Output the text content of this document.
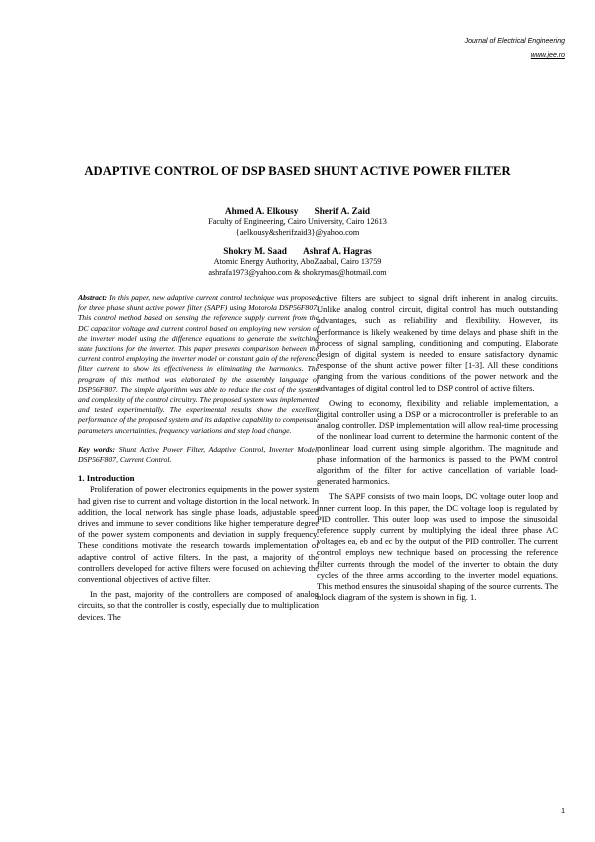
Journal of Electrical Engineering
www.jee.ro
ADAPTIVE CONTROL OF DSP BASED SHUNT ACTIVE POWER FILTER
Ahmed A. Elkousy Sherif A. Zaid
Faculty of Engineering, Cairo University, Cairo 12613
{aelkousy&sherifzaid3}@yahoo.com
Shokry M. Saad Ashraf A. Hagras
Atomic Energy Authority, AboZaabal, Cairo 13759
ashrafa1973@yahoo.com & shokrymas@hotmail.com

Abstract: In this paper, new adaptive current control technique was proposed for three phase shunt active power filter (SAPF) using Motorola DSP56F807. This control method based on sensing the reference supply current from the DC capacitor voltage and current control based on employing new version of the inverter model using the difference equations to generate the switching state functions for the inverter. This paper presents comparison between the current control employing the inverter model or constant gain of the reference filter current to show its effectiveness in eliminating the harmonics. The program of this method was elaborated by the assembly language of DSP56F807. The simple algorithm was able to reduce the cost of the system and complexity of the control circuitry. The proposed system was implemented and tested experimentally. The experimental results show the excellent performance of the proposed system and its adaptive capability to compensate parameters uncertainties, frequency variations and step load change.

Key words: Shunt Active Power Filter, Adaptive Control, Inverter Model, DSP56F807, Current Control.

1. Introduction

Proliferation of power electronics equipments in the power system had given rise to current and voltage distortion in the local network. In addition, the local network has single phase loads, adjustable speed drives and immune to sever conditions like higher temperature degree of the power system components and deviation in supply frequency. These conditions motivate the research towards implementation of adaptive control of active filters. In the past, a majority of the controllers developed for active filters were focused on achieving the conventional objectives of active filter.

In the past, majority of the controllers are composed of analog circuits, so that the controller is costly, especially due to multiplication devices. The

active filters are subject to signal drift inherent in analog circuits. Unlike analog control circuit, digital control has much outstanding advantages, such as reliability and flexibility. However, its performance is likely weakened by time delays and phase shift in the process of signal sampling, conditioning and computing. Elaborate design of digital system is needed to ensure satisfactory dynamic response of the shunt active power filter [1-3]. All these conditions ranging from the various conditions of the power network and the advantages of digital control led to DSP control of active filters.

Owing to economy, flexibility and reliable implementation, a digital controller using a DSP or a microcontroller is preferable to an analog controller. DSP implementation will allow real-time processing of the nonlinear load current to determine the harmonic content of the nonlinear load current using simple algorithm. The magnitude and phase information of the harmonics is passed to the PWM control algorithm of the filter for active cancellation of variable load-generated harmonics.

The SAPF consists of two main loops, DC voltage outer loop and inner current loop. In this paper, the DC voltage loop is regulated by PID controller. This outer loop was used to impose the sinusoidal reference supply current by multiplying the ideal three phase AC voltages ea, eb and ec by the output of the PID controller. The current control employs new technique based on processing the reference filter currents through the model of the inverter to obtain the duty cycles of the three arms according to the inverter model equations. This method ensures the sinusoidal shaping of the source currents. The block diagram of the system is shown in fig. 1.

1
